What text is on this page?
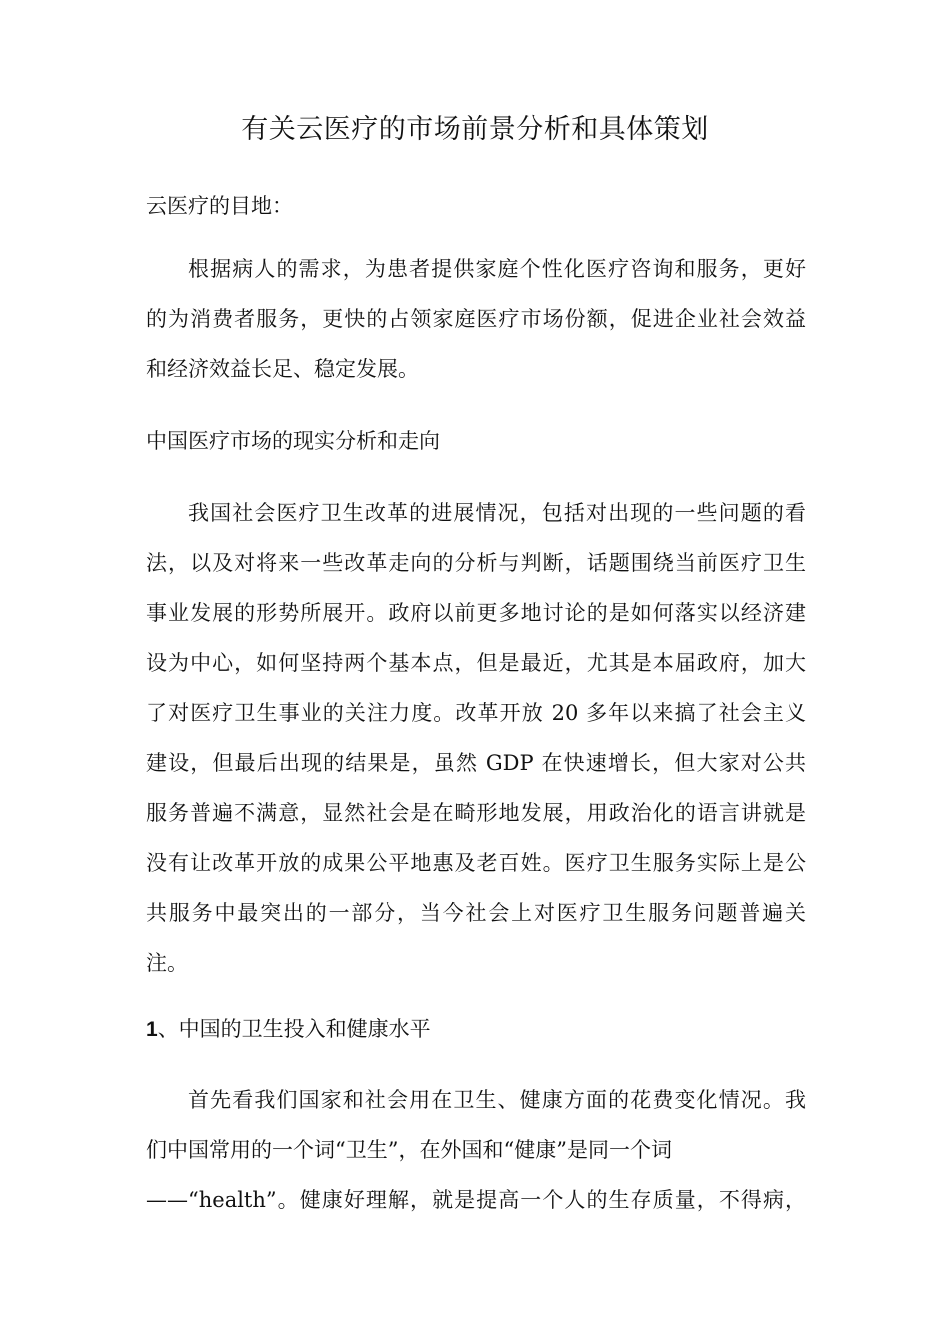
有关云医疗的市场前景分析和具体策划
云医疗的目地：
根据病人的需求，为患者提供家庭个性化医疗咨询和服务，更好
的为消费者服务，更快的占领家庭医疗市场份额，促进企业社会效益
和经济效益长足、稳定发展。
中国医疗市场的现实分析和走向
我国社会医疗卫生改革的进展情况，包括对出现的一些问题的看
法，以及对将来一些改革走向的分析与判断，话题围绕当前医疗卫生
事业发展的形势所展开。政府以前更多地讨论的是如何落实以经济建
设为中心，如何坚持两个基本点，但是最近，尤其是本届政府，加大
了对医疗卫生事业的关注力度。改革开放 20 多年以来搞了社会主义
建设，但最后出现的结果是，虽然 GDP 在快速增长，但大家对公共
服务普遍不满意，显然社会是在畸形地发展，用政治化的语言讲就是
没有让改革开放的成果公平地惠及老百姓。医疗卫生服务实际上是公
共服务中最突出的一部分，当今社会上对医疗卫生服务问题普遍关
注。
1、中国的卫生投入和健康水平
首先看我们国家和社会用在卫生、健康方面的花费变化情况。我
们中国常用的一个词“卫生”，在外国和“健康”是同一个词
——“health”。健康好理解，就是提高一个人的生存质量，不得病，
